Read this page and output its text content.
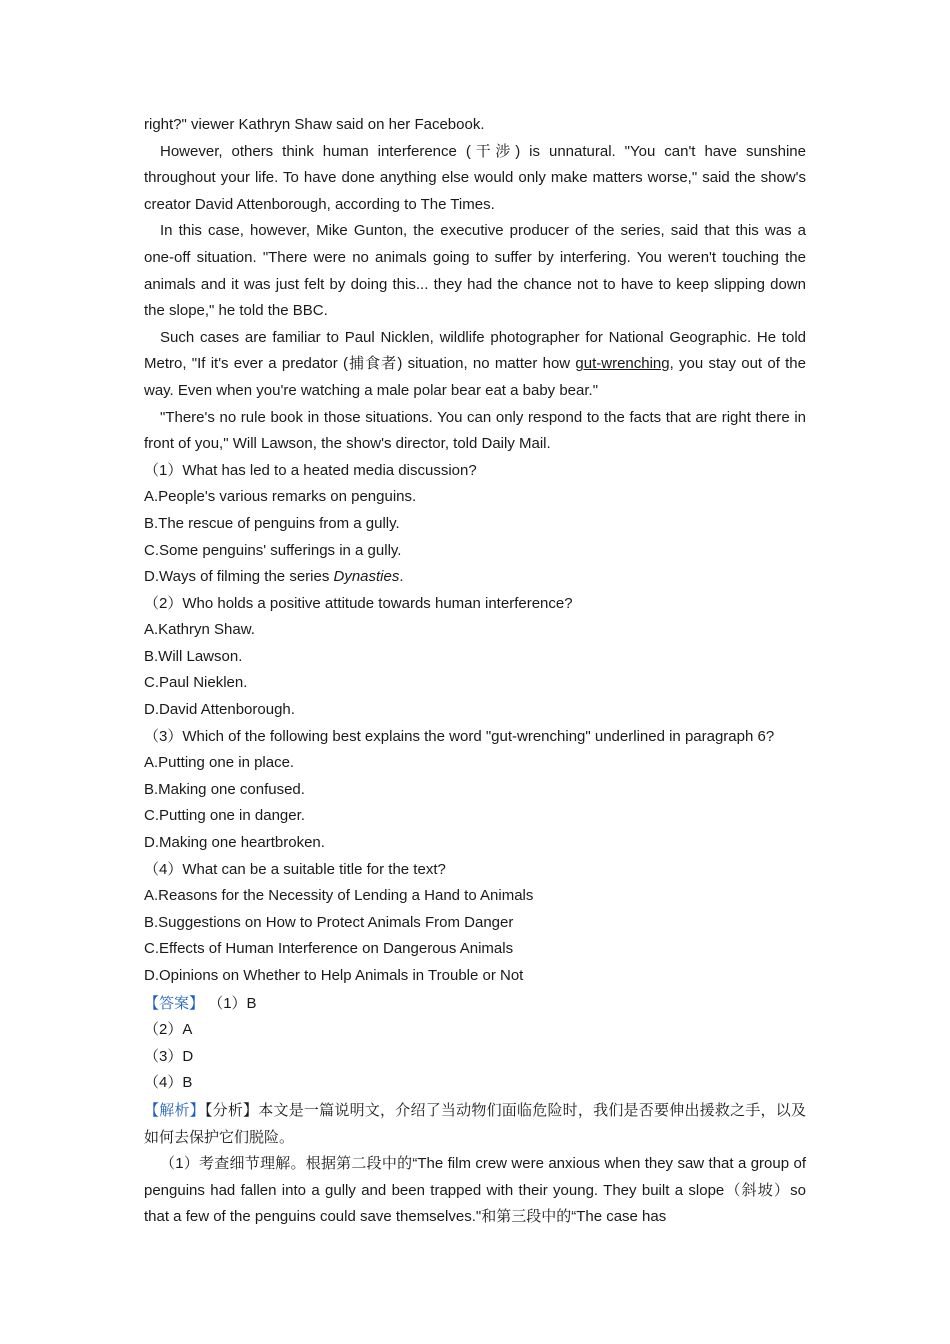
right?" viewer Kathryn Shaw said on her Facebook.

However, others think human interference (干涉) is unnatural. "You can't have sunshine throughout your life. To have done anything else would only make matters worse," said the show's creator David Attenborough, according to The Times.

In this case, however, Mike Gunton, the executive producer of the series, said that this was a one-off situation. "There were no animals going to suffer by interfering. You weren't touching the animals and it was just felt by doing this... they had the chance not to have to keep slipping down the slope," he told the BBC.

Such cases are familiar to Paul Nicklen, wildlife photographer for National Geographic. He told Metro, "If it's ever a predator (捕食者) situation, no matter how gut-wrenching, you stay out of the way. Even when you're watching a male polar bear eat a baby bear."

"There's no rule book in those situations. You can only respond to the facts that are right there in front of you," Will Lawson, the show's director, told Daily Mail.

（1）What has led to a heated media discussion?

A.People's various remarks on penguins.

B.The rescue of penguins from a gully.

C.Some penguins' sufferings in a gully.

D.Ways of filming the series Dynasties.

（2）Who holds a positive attitude towards human interference?

A.Kathryn Shaw.

B.Will Lawson.

C.Paul Nieklen.

D.David Attenborough.

（3）Which of the following best explains the word "gut-wrenching" underlined in paragraph 6?

A.Putting one in place.

B.Making one confused.

C.Putting one in danger.

D.Making one heartbroken.

（4）What can be a suitable title for the text?

A.Reasons for the Necessity of Lending a Hand to Animals

B.Suggestions on How to Protect Animals From Danger

C.Effects of Human Interference on Dangerous Animals

D.Opinions on Whether to Help Animals in Trouble or Not

【答案】 （1）B

（2）A

（3）D

（4）B

【解析】【分析】本文是一篇说明文，介绍了当动物们面临危险时，我们是否要伸出援救之手，以及如何去保护它们脱险。

（1）考查细节理解。根据第二段中的“The film crew were anxious when they saw that a group of penguins had fallen into a gully and been trapped with their young. They built a slope（斜坡）so that a few of the penguins could save themselves."和第三段中的“The case has
